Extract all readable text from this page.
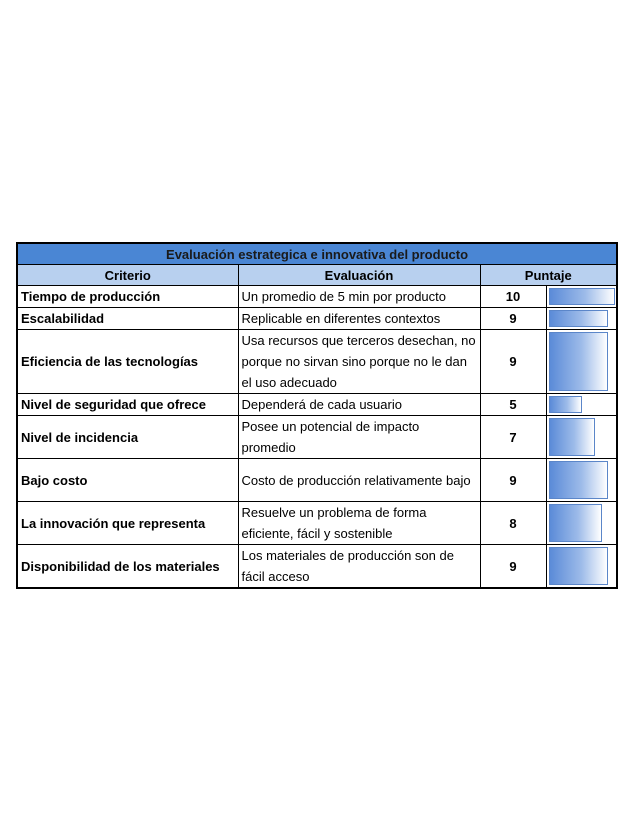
Evaluación estrategica e innovativa del producto			
Criterio	Evaluación	Puntaje	
Tiempo de producción	Un promedio de 5 min por producto	10	

Escalabilidad	Replicable en diferentes contextos	9	

Eficiencia de las tecnologías	Usa recursos que terceros desechan, no porque no sirvan sino porque no le dan el uso adecuado	9	

Nivel de seguridad que ofrece	Dependerá de cada usuario	5	

Nivel de incidencia	Posee un potencial de impacto promedio	7	

Bajo costo	Costo de producción relativamente bajo	9	

La innovación que representa	Resuelve un problema de forma eficiente, fácil y sostenible	8	

Disponibilidad de los materiales	Los materiales de producción son de fácil acceso	9	
